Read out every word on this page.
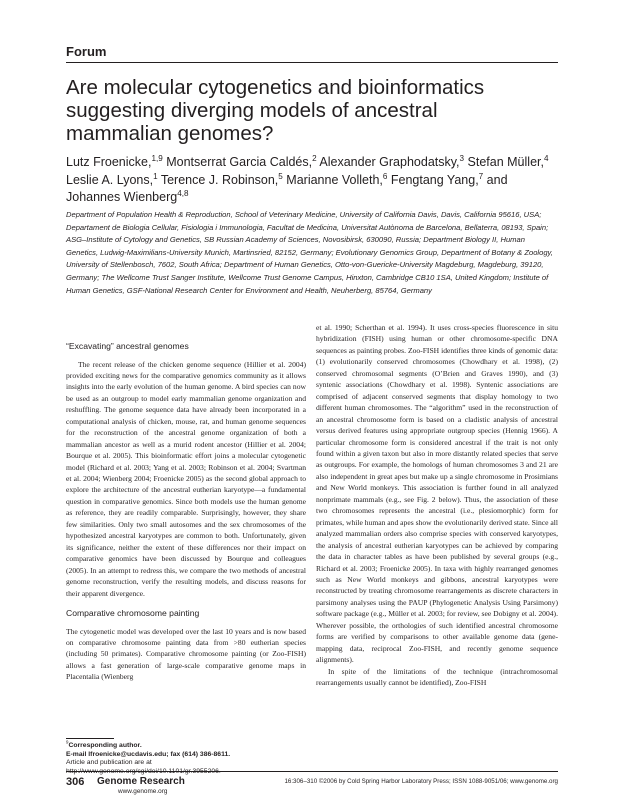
Forum
Are molecular cytogenetics and bioinformatics suggesting diverging models of ancestral mammalian genomes?
Lutz Froenicke,$^{1,9}$ Montserrat Garcia Caldés,$^2$ Alexander Graphodatsky,$^3$ Stefan Müller,$^4$ Leslie A. Lyons,$^1$ Terence J. Robinson,$^5$ Marianne Volleth,$^6$ Fengtang Yang,$^7$ and Johannes Wienberg$^{4,8}$
Department of Population Health & Reproduction, School of Veterinary Medicine, University of California Davis, Davis, California 95616, USA; Departament de Biologia Cellular, Fisiologia i Immunologia, Facultat de Medicina, Universitat Autònoma de Barcelona, Bellaterra, 08193, Spain; ASG–Institute of Cytology and Genetics, SB Russian Academy of Sciences, Novosibirsk, 630090, Russia; Department Biology II, Human Genetics, Ludwig-Maximilians-University Munich, Martinsried, 82152, Germany; Evolutionary Genomics Group, Department of Botany & Zoology, University of Stellenbosch, 7602, South Africa; Department of Human Genetics, Otto-von-Guericke-University Magdeburg, Magdeburg, 39120, Germany; The Wellcome Trust Sanger Institute, Wellcome Trust Genome Campus, Hinxton, Cambridge CB10 1SA, United Kingdom; Institute of Human Genetics, GSF-National Research Center for Environment and Health, Neuherberg, 85764, Germany
“Excavating” ancestral genomes
The recent release of the chicken genome sequence (Hillier et al. 2004) provided exciting news for the comparative genomics community as it allows insights into the early evolution of the human genome. A bird species can now be used as an outgroup to model early mammalian genome organization and reshuffling. The genome sequence data have already been incorporated in a computational analysis of chicken, mouse, rat, and human genome sequences for the reconstruction of the ancestral genome organization of both a mammalian ancestor as well as a murid rodent ancestor (Hillier et al. 2004; Bourque et al. 2005). This bioinformatic effort joins a molecular cytogenetic model (Richard et al. 2003; Yang et al. 2003; Robinson et al. 2004; Svartman et al. 2004; Wienberg 2004; Froenicke 2005) as the second global approach to explore the architecture of the ancestral eutherian karyotype—a fundamental question in comparative genomics. Since both models use the human genome as reference, they are readily comparable. Surprisingly, however, they share few similarities. Only two small autosomes and the sex chromosomes of the hypothesized ancestral karyotypes are common to both. Unfortunately, given its significance, neither the extent of these differences nor their impact on comparative genomics have been discussed by Bourque and colleagues (2005). In an attempt to redress this, we compare the two methods of ancestral genome reconstruction, verify the resulting models, and discuss reasons for their apparent divergence.
Comparative chromosome painting
The cytogenetic model was developed over the last 10 years and is now based on comparative chromosome painting data from >80 eutherian species (including 50 primates). Comparative chromosome painting (or Zoo-FISH) allows a fast generation of large-scale comparative genome maps in Placentalia (Wienberg
et al. 1990; Scherthan et al. 1994). It uses cross-species fluorescence in situ hybridization (FISH) using human or other chromosome-specific DNA sequences as painting probes. Zoo-FISH identifies three kinds of genomic data: (1) evolutionarily conserved chromosomes (Chowdhary et al. 1998), (2) conserved chromosomal segments (O’Brien and Graves 1990), and (3) syntenic associations (Chowdhary et al. 1998). Syntenic associations are comprised of adjacent conserved segments that display homology to two different human chromosomes. The “algorithm” used in the reconstruction of an ancestral chromosome form is based on a cladistic analysis of ancestral versus derived features using appropriate outgroup species (Hennig 1966). A particular chromosome form is considered ancestral if the trait is not only found within a given taxon but also in more distantly related species that serve as outgroups. For example, the homologs of human chromosomes 3 and 21 are also independent in great apes but make up a single chromosome in Prosimians and New World monkeys. This association is further found in all analyzed nonprimate mammals (e.g., see Fig. 2 below). Thus, the association of these two chromosomes represents the ancestral (i.e., plesiomorphic) form for primates, while human and apes show the evolutionarily derived state. Since all analyzed mammalian orders also comprise species with conserved karyotypes, the analysis of ancestral eutherian karyotypes can be achieved by comparing the data in character tables as have been published by several groups (e.g., Richard et al. 2003; Froenicke 2005). In taxa with highly rearranged genomes such as New World monkeys and gibbons, ancestral karyotypes were reconstructed by treating chromosome rearrangements as discrete characters in parsimony analyses using the PAUP (Phylogenetic Analysis Using Parsimony) software package (e.g., Müller et al. 2003; for review, see Dobigny et al. 2004). Wherever possible, the orthologies of such identified ancestral chromosome forms are verified by comparisons to other available genome data (gene-mapping data, reciprocal Zoo-FISH, and recently genome sequence alignments).
In spite of the limitations of the technique (intrachromosomal rearrangements usually cannot be identified), Zoo-FISH
$^9$Corresponding author.
E-mail lfroenicke@ucdavis.edu; fax (614) 386-8611.
Article and publication are at http://www.genome.org/cgi/doi/10.1101/gr.3955206.
306 Genome Research
www.genome.org
16:306–310 ©2006 by Cold Spring Harbor Laboratory Press; ISSN 1088-9051/06; www.genome.org
